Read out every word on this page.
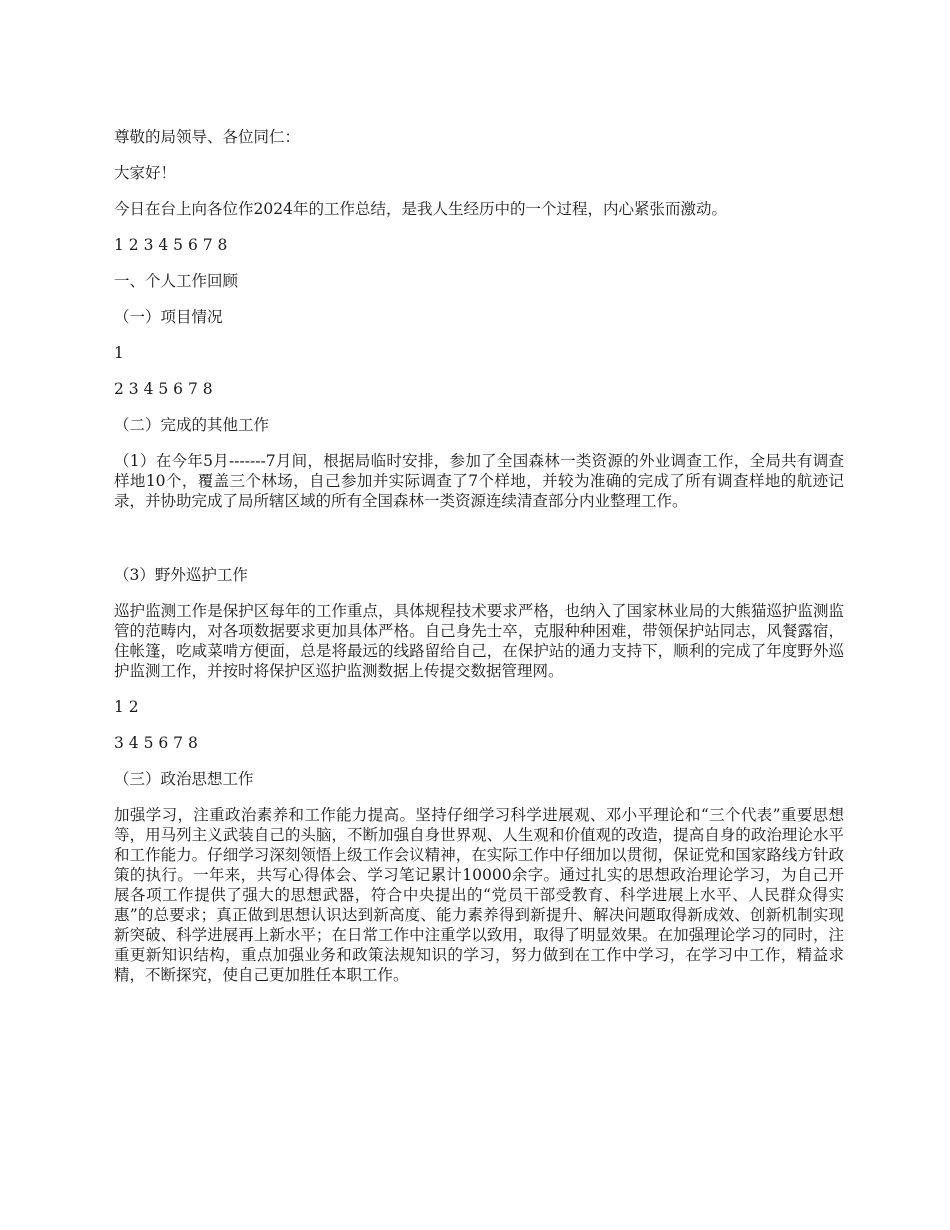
尊敬的局领导、各位同仁：

大家好！

今日在台上向各位作2024年的工作总结，是我人生经历中的一个过程，内心紧张而激动。

1 2 3 4 5 6 7 8

一、个人工作回顾

（一）项目情况

1

2 3 4 5 6 7 8

（二）完成的其他工作

（1）在今年5月-------7月间，根据局临时安排，参加了全国森林一类资源的外业调查工作，全局共有调查样地10个，覆盖三个林场，自己参加并实际调查了7个样地，并较为准确的完成了所有调查样地的航迹记录，并协助完成了局所辖区域的所有全国森林一类资源连续清查部分内业整理工作。

（3）野外巡护工作

巡护监测工作是保护区每年的工作重点，具体规程技术要求严格，也纳入了国家林业局的大熊猫巡护监测监管的范畴内，对各项数据要求更加具体严格。自己身先士卒，克服种种困难，带领保护站同志，风餐露宿，住帐篷，吃咸菜啃方便面，总是将最远的线路留给自己，在保护站的通力支持下，顺利的完成了年度野外巡护监测工作，并按时将保护区巡护监测数据上传提交数据管理网。

1 2

3 4 5 6 7 8

（三）政治思想工作

加强学习，注重政治素养和工作能力提高。坚持仔细学习科学进展观、邓小平理论和“三个代表”重要思想等，用马列主义武装自己的头脑，不断加强自身世界观、人生观和价值观的改造，提高自身的政治理论水平和工作能力。仔细学习深刻领悟上级工作会议精神，在实际工作中仔细加以贯彻，保证党和国家路线方针政策的执行。一年来，共写心得体会、学习笔记累计10000余字。通过扎实的思想政治理论学习，为自己开展各项工作提供了强大的思想武器，符合中央提出的“党员干部受教育、科学进展上水平、人民群众得实惠”的总要求；真正做到思想认识达到新高度、能力素养得到新提升、解决问题取得新成效、创新机制实现新突破、科学进展再上新水平；在日常工作中注重学以致用，取得了明显效果。在加强理论学习的同时，注重更新知识结构，重点加强业务和政策法规知识的学习，努力做到在工作中学习，在学习中工作，精益求精，不断探究，使自己更加胜任本职工作。
